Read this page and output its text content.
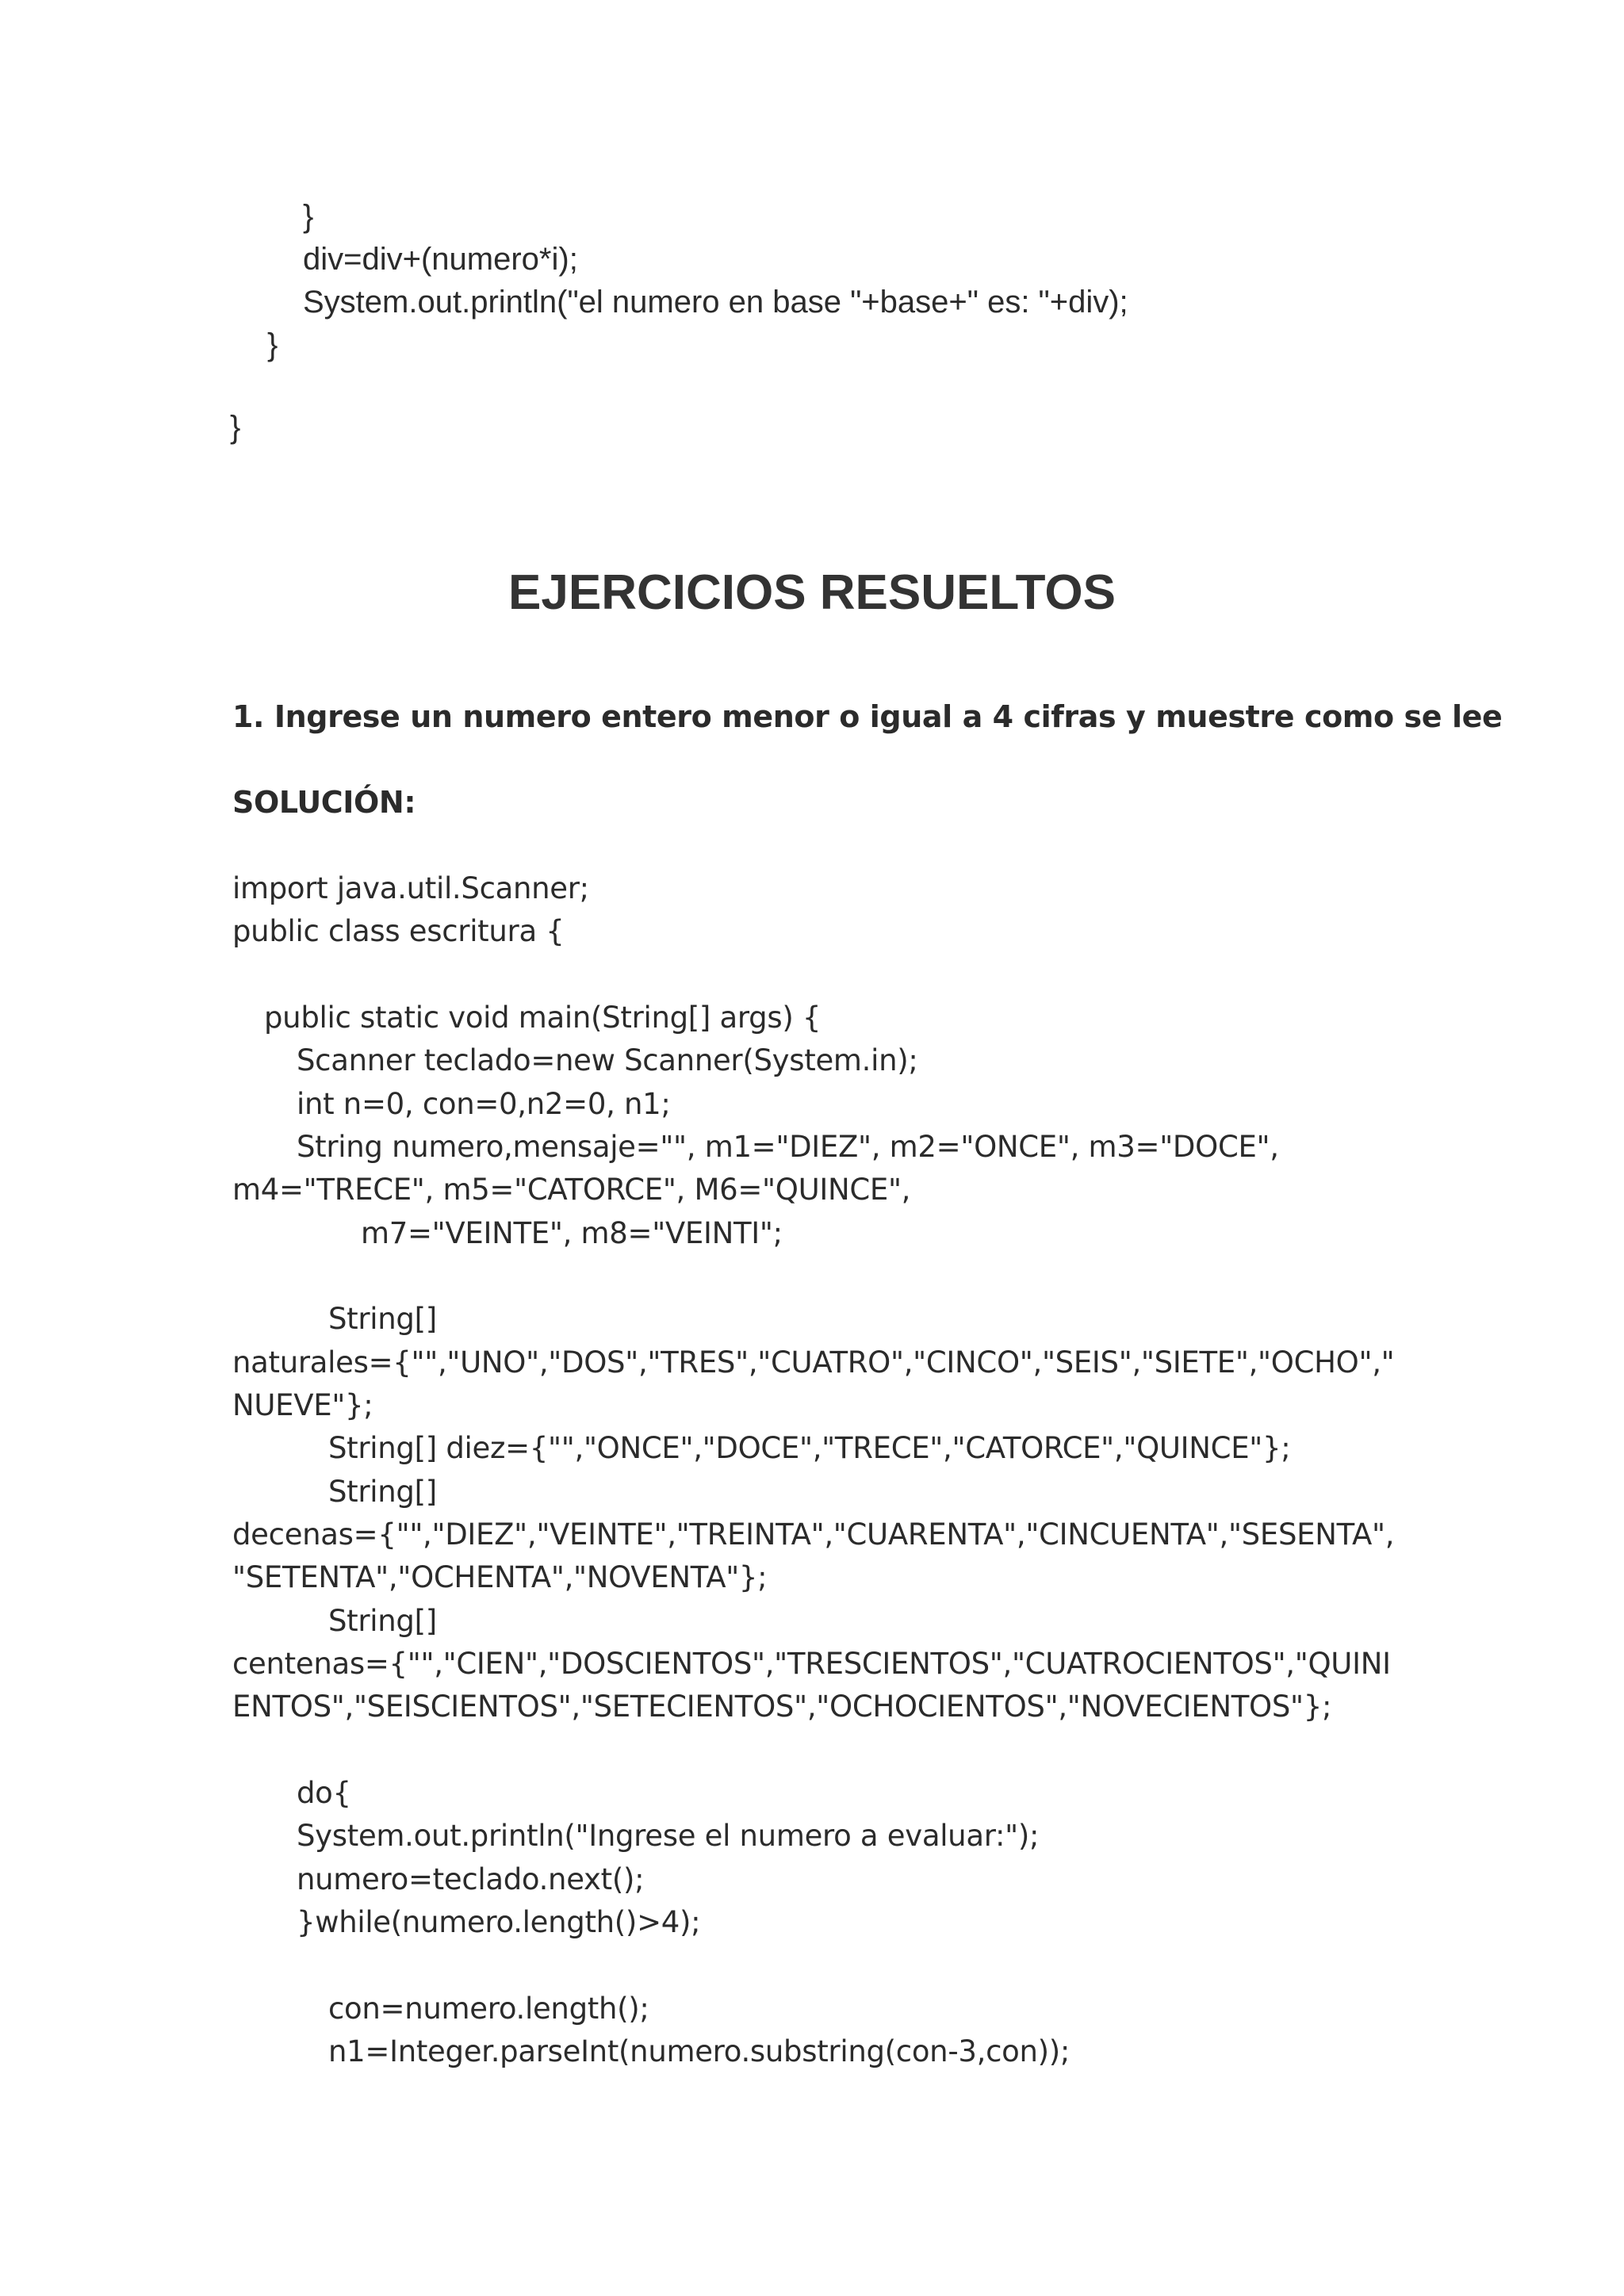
}
div=div+(numero*i);
System.out.println("el numero en base "+base+" es: "+div);
}
}
EJERCICIOS RESUELTOS
1. Ingrese un numero entero menor o igual a 4 cifras y muestre como se lee
SOLUCIÓN:
import java.util.Scanner;
public class escritura {
public static void main(String[] args) {
Scanner teclado=new Scanner(System.in);
int n=0, con=0,n2=0, n1;
String numero,mensaje="", m1="DIEZ", m2="ONCE", m3="DOCE",
m4="TRECE", m5="CATORCE", M6="QUINCE",
m7="VEINTE", m8="VEINTI";
String[]
naturales={"","UNO","DOS","TRES","CUATRO","CINCO","SEIS","SIETE","OCHO","
NUEVE"};
String[] diez={"","ONCE","DOCE","TRECE","CATORCE","QUINCE"};
String[]
decenas={"","DIEZ","VEINTE","TREINTA","CUARENTA","CINCUENTA","SESENTA",
"SETENTA","OCHENTA","NOVENTA"};
String[]
centenas={"","CIEN","DOSCIENTOS","TRESCIENTOS","CUATROCIENTOS","QUINI
ENTOS","SEISCIENTOS","SETECIENTOS","OCHOCIENTOS","NOVECIENTOS"};
do{
System.out.println("Ingrese el numero a evaluar:");
numero=teclado.next();
}while(numero.length()>4);
con=numero.length();
n1=Integer.parseInt(numero.substring(con-3,con));
